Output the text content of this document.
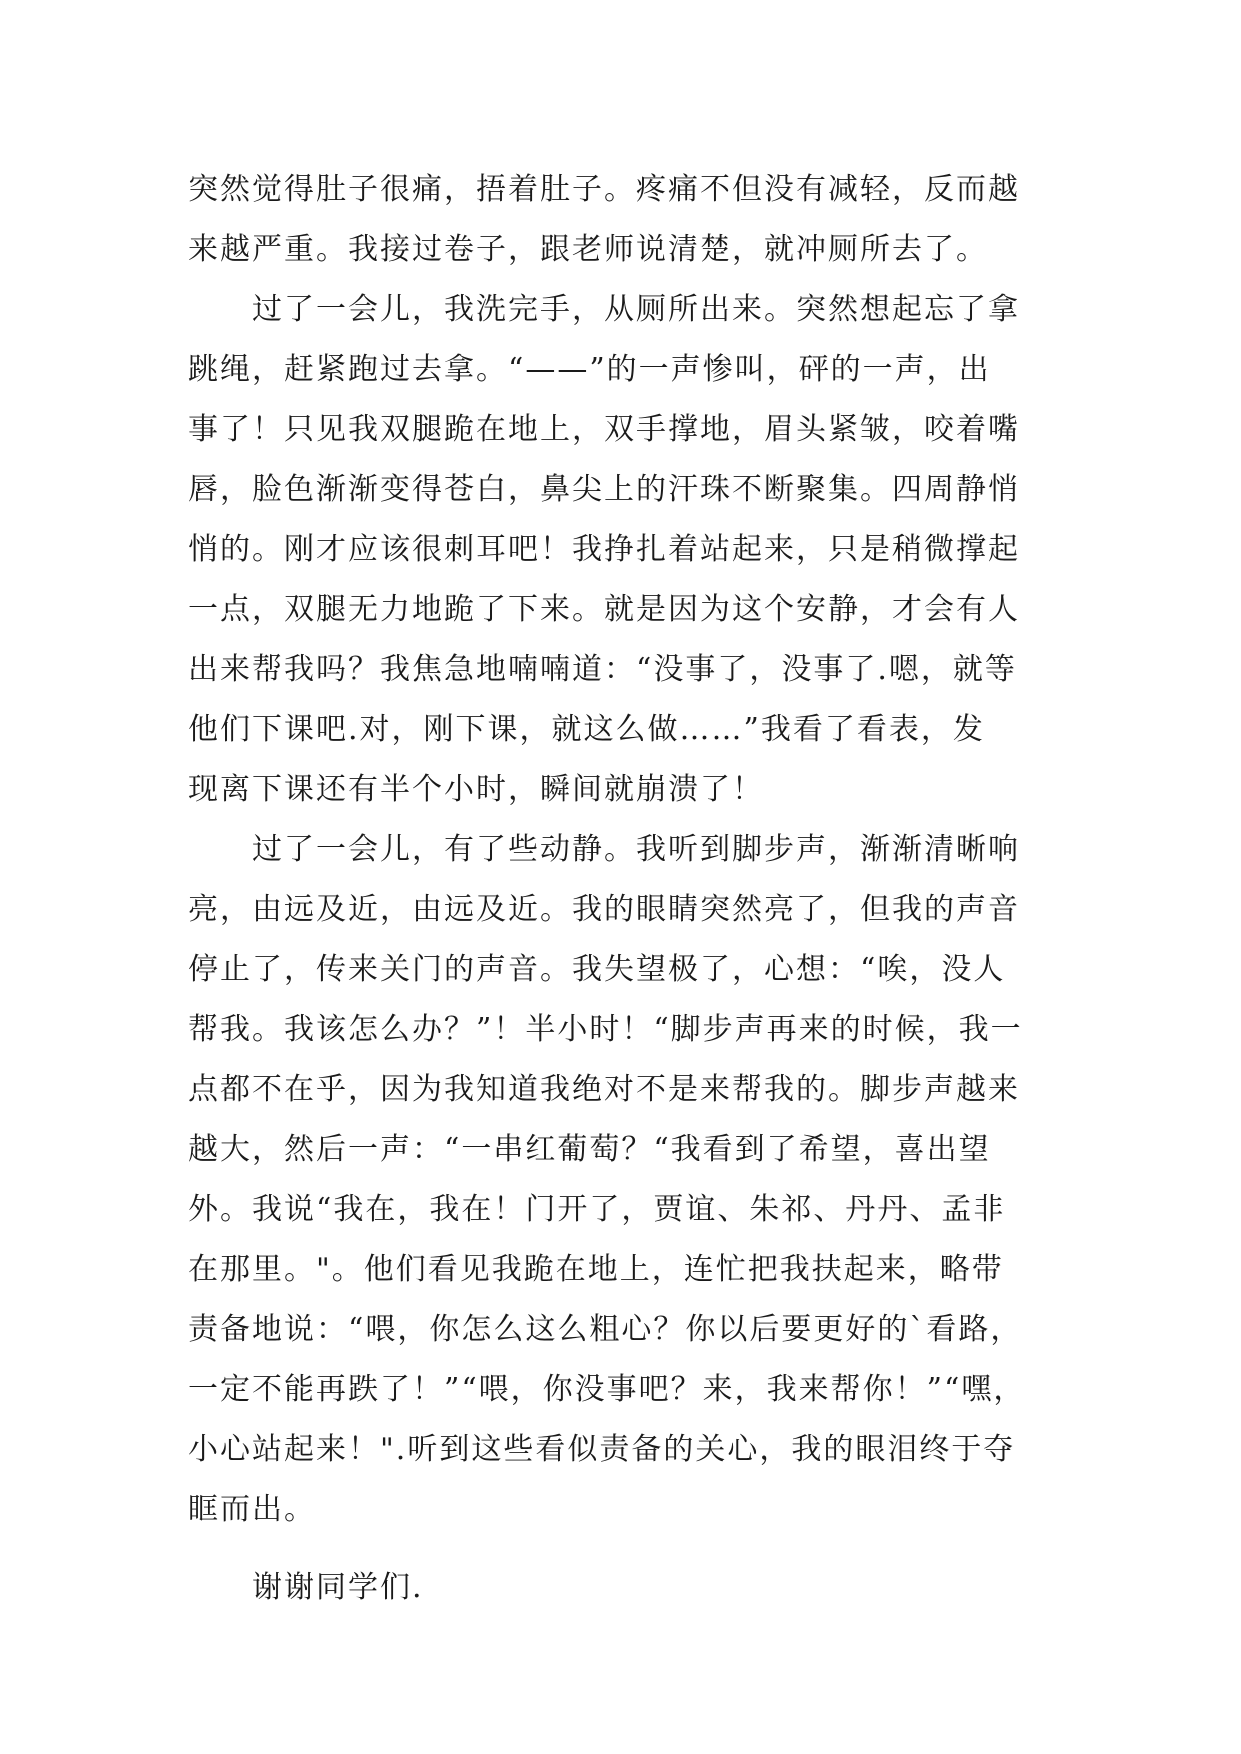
突然觉得肚子很痛，捂着肚子。疼痛不但没有减轻，反而越
来越严重。我接过卷子，跟老师说清楚，就冲厕所去了。

过了一会儿，我洗完手，从厕所出来。突然想起忘了拿
跳绳，赶紧跑过去拿。“——”的一声惨叫，砰的一声，出
事了！只见我双腿跪在地上，双手撑地，眉头紧皱，咬着嘴
唇，脸色渐渐变得苍白，鼻尖上的汗珠不断聚集。四周静悄
悄的。刚才应该很刺耳吧！我挣扎着站起来，只是稍微撑起
一点，双腿无力地跪了下来。就是因为这个安静，才会有人
出来帮我吗？我焦急地喃喃道：“没事了，没事了.嗯，就等
他们下课吧.对，刚下课，就这么做……”我看了看表，发
现离下课还有半个小时，瞬间就崩溃了！

过了一会儿，有了些动静。我听到脚步声，渐渐清晰响
亮，由远及近，由远及近。我的眼睛突然亮了，但我的声音
停止了，传来关门的声音。我失望极了，心想：“唉，没人
帮我。我该怎么办？”！半小时！“脚步声再来的时候，我一
点都不在乎，因为我知道我绝对不是来帮我的。脚步声越来
越大，然后一声：“一串红葡萄？“我看到了希望，喜出望
外。我说“我在，我在！门开了，贾谊、朱祁、丹丹、孟非
在那里。"。他们看见我跪在地上，连忙把我扶起来，略带
责备地说：“喂，你怎么这么粗心？你以后要更好的`看路，
一定不能再跌了！”“喂，你没事吧？来，我来帮你！”“嘿，
小心站起来！".听到这些看似责备的关心，我的眼泪终于夺
眶而出。

谢谢同学们.
